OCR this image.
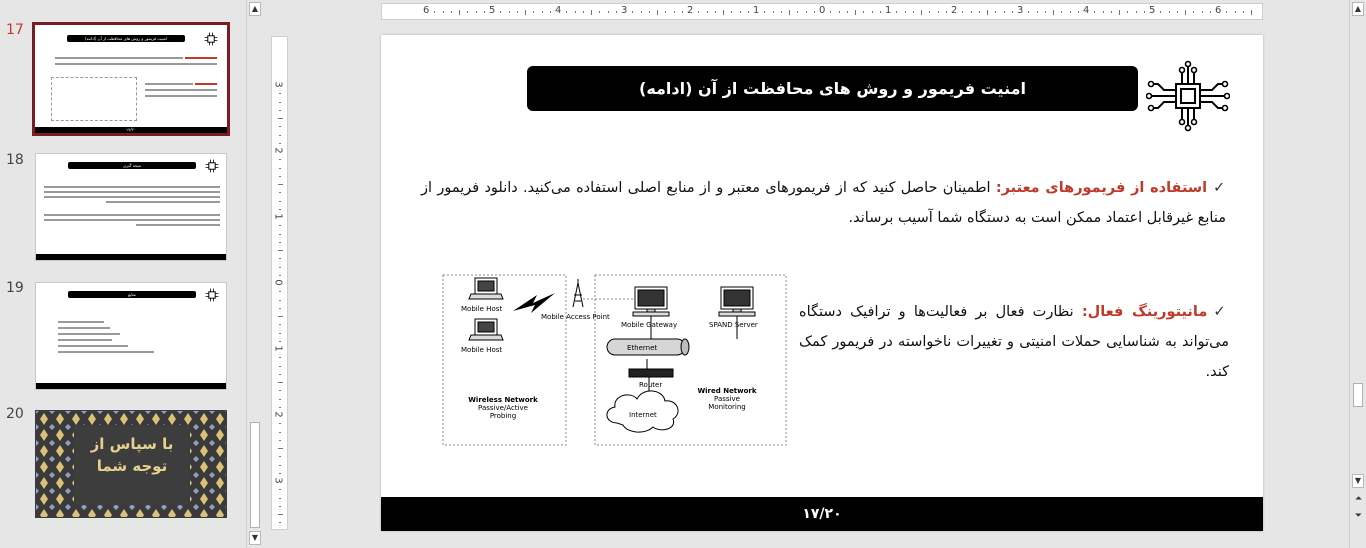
17
امنیت فریمور و روش های محافظت از آن (ادامه)
۱۷/۲۰
18	نتیجه گیری
19	منابع
20
با سپاس از توجه شما
▲
▼
6	5	4	3	2	1	0	1	2	3	4	5	6
3
2
1
0
1
2
3
امنیت فریمور و روش های محافظت از آن (ادامه)
✓استفاده از فریمورهای معتبر: اطمینان حاصل کنید که از فریمورهای معتبر و از منابع اصلی استفاده می‌کنید. دانلود فریمور از منابع غیرقابل اعتماد ممکن است به دستگاه شما آسیب برساند.
✓مانیتورینگ فعال: نظارت فعال بر فعالیت‌ها و ترافیک دستگاه می‌تواند به شناسایی حملات امنیتی و تغییرات ناخواسته در فریمور کمک کند.
Mobile Host
Mobile Host
Mobile Access Point
Mobile Gateway	SPAND Server
Ethernet
Router
Internet
Wireless Network
Passive/Active
Probing
Wired Network
Passive
Monitoring
۱۷/۲۰
▲
▼
⏶
⏷
